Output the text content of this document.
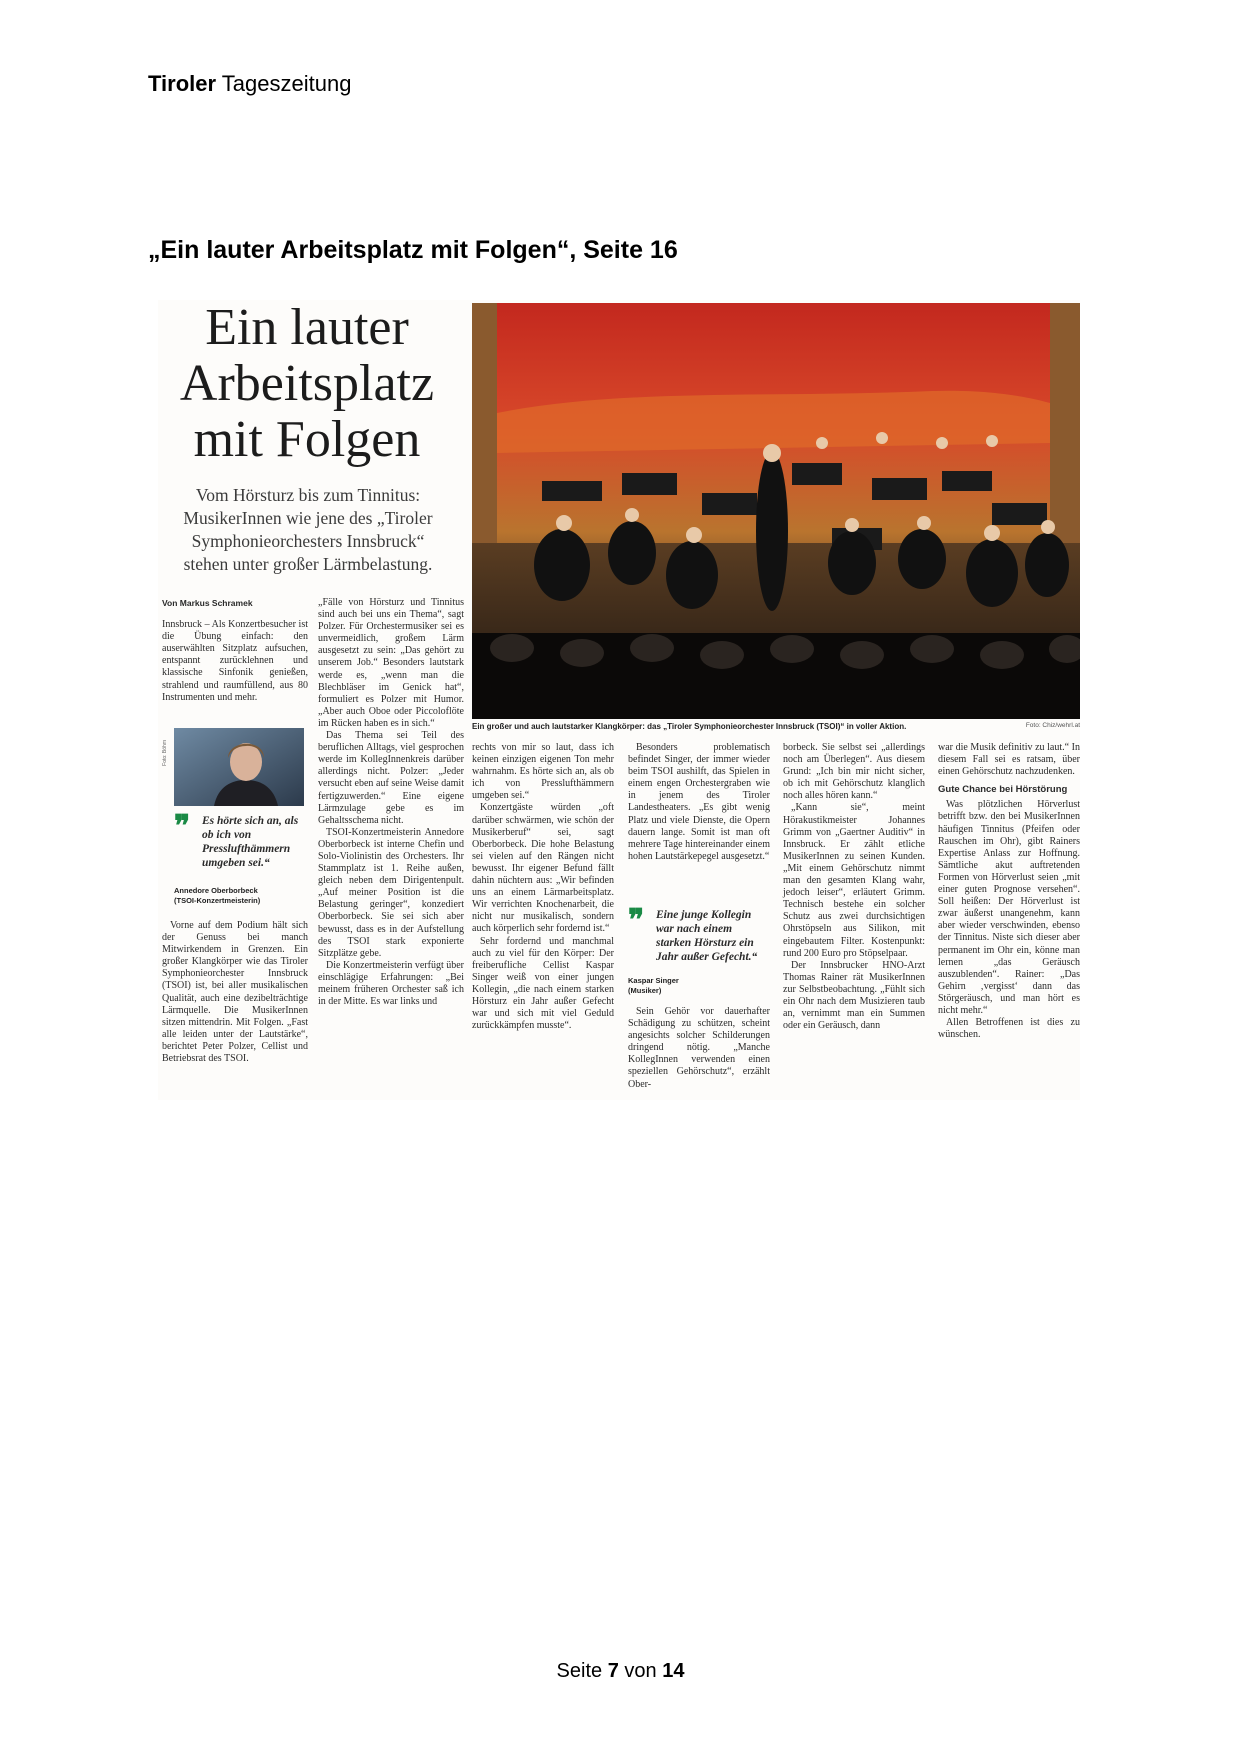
Tiroler Tageszeitung
„Ein lauter Arbeitsplatz mit Folgen“, Seite 16
Ein lauter
Arbeitsplatz
mit Folgen
Vom Hörsturz bis zum Tinnitus:
MusikerInnen wie jene des „Tiroler
Symphonieorchesters Innsbruck“
stehen unter großer Lärmbelastung.

Von Markus Schramek

Innsbruck – Als Konzertbesucher ist die Übung einfach: den auserwählten Sitzplatz aufsuchen, entspannt zurücklehnen und klassische Sinfonik genießen, strahlend und raumfüllend, aus 80 Instrumenten und mehr.

Foto: Böhm
❞	Es hörte sich an, als ob ich von Presslufthämmern umgeben sei.“
Annedore Oberborbeck
(TSOI-Konzertmeisterin)

Vorne auf dem Podium hält sich der Genuss bei manch Mitwirkendem in Grenzen. Ein großer Klangkörper wie das Tiroler Symphonieorchester Innsbruck (TSOI) ist, bei aller musikalischen Qualität, auch eine dezibelträchtige Lärmquelle. Die MusikerInnen sitzen mittendrin. Mit Folgen. „Fast alle leiden unter der Lautstärke“, berichtet Peter Polzer, Cellist und Betriebsrat des TSOI.

„Fälle von Hörsturz und Tinnitus sind auch bei uns ein Thema“, sagt Polzer. Für Orchestermusiker sei es unvermeidlich, großem Lärm ausgesetzt zu sein: „Das gehört zu unserem Job.“ Besonders lautstark werde es, „wenn man die Blechbläser im Genick hat“, formuliert es Polzer mit Humor. „Aber auch Oboe oder Piccoloflöte im Rücken haben es in sich.“

Das Thema sei Teil des beruflichen Alltags, viel gesprochen werde im KollegInnenkreis darüber allerdings nicht. Polzer: „Jeder versucht eben auf seine Weise damit fertigzuwerden.“ Eine eigene Lärmzulage gebe es im Gehaltsschema nicht.

TSOI-Konzertmeisterin Annedore Oberborbeck ist interne Chefin und Solo-Violinistin des Orchesters. Ihr Stammplatz ist 1. Reihe außen, gleich neben dem Dirigentenpult. „Auf meiner Position ist die Belastung geringer“, konzediert Oberborbeck. Sie sei sich aber bewusst, dass es in der Aufstellung des TSOI stark exponierte Sitzplätze gebe.

Die Konzertmeisterin verfügt über einschlägige Erfahrungen: „Bei meinem früheren Orchester saß ich in der Mitte. Es war links und

Ein großer und auch lautstarker Klangkörper: das „Tiroler Symphonieorchester Innsbruck (TSOI)“ in voller Aktion.	Foto: Chiz/wehrl.at

rechts von mir so laut, dass ich keinen einzigen eigenen Ton mehr wahrnahm. Es hörte sich an, als ob ich von Presslufthämmern umgeben sei.“

Konzertgäste würden „oft darüber schwärmen, wie schön der Musikerberuf“ sei, sagt Oberborbeck. Die hohe Belastung sei vielen auf den Rängen nicht bewusst. Ihr eigener Befund fällt dahin nüchtern aus: „Wir befinden uns an einem Lärmarbeitsplatz. Wir verrichten Knochenarbeit, die nicht nur musikalisch, sondern auch körperlich sehr fordernd ist.“

Sehr fordernd und manchmal auch zu viel für den Körper: Der freiberufliche Cellist Kaspar Singer weiß von einer jungen Kollegin, „die nach einem starken Hörsturz ein Jahr außer Gefecht war und sich mit viel Geduld zurückkämpfen musste“.

Besonders problematisch befindet Singer, der immer wieder beim TSOI aushilft, das Spielen in einem engen Orchestergraben wie in jenem des Tiroler Landestheaters. „Es gibt wenig Platz und viele Dienste, die Opern dauern lange. Somit ist man oft mehrere Tage hintereinander einem hohen Lautstärkepegel ausgesetzt.“

❞	Eine junge Kollegin war nach einem starken Hörsturz ein Jahr außer Gefecht.“
Kaspar Singer
(Musiker)

Sein Gehör vor dauerhafter Schädigung zu schützen, scheint angesichts solcher Schilderungen dringend nötig. „Manche KollegInnen verwenden einen speziellen Gehörschutz“, erzählt Ober-

borbeck. Sie selbst sei „allerdings noch am Überlegen“. Aus diesem Grund: „Ich bin mir nicht sicher, ob ich mit Gehörschutz klanglich noch alles hören kann.“

„Kann sie“, meint Hörakustikmeister Johannes Grimm von „Gaertner Auditiv“ in Innsbruck. Er zählt etliche MusikerInnen zu seinen Kunden. „Mit einem Gehörschutz nimmt man den gesamten Klang wahr, jedoch leiser“, erläutert Grimm. Technisch bestehe ein solcher Schutz aus zwei durchsichtigen Ohrstöpseln aus Silikon, mit eingebautem Filter. Kostenpunkt: rund 200 Euro pro Stöpselpaar.

Der Innsbrucker HNO-Arzt Thomas Rainer rät MusikerInnen zur Selbstbeobachtung. „Fühlt sich ein Ohr nach dem Musizieren taub an, vernimmt man ein Summen oder ein Geräusch, dann

war die Musik definitiv zu laut.“ In diesem Fall sei es ratsam, über einen Gehörschutz nachzudenken.

Gute Chance bei Hörstörung

Was plötzlichen Hörverlust betrifft bzw. den bei MusikerInnen häufigen Tinnitus (Pfeifen oder Rauschen im Ohr), gibt Rainers Expertise Anlass zur Hoffnung. Sämtliche akut auftretenden Formen von Hörverlust seien „mit einer guten Prognose versehen“. Soll heißen: Der Hörverlust ist zwar äußerst unangenehm, kann aber wieder verschwinden, ebenso der Tinnitus. Niste sich dieser aber permanent im Ohr ein, könne man lernen „das Geräusch auszublenden“. Rainer: „Das Gehirn ‚vergisst‘ dann das Störgeräusch, und man hört es nicht mehr.“

Allen Betroffenen ist dies zu wünschen.

Seite 7 von 14
